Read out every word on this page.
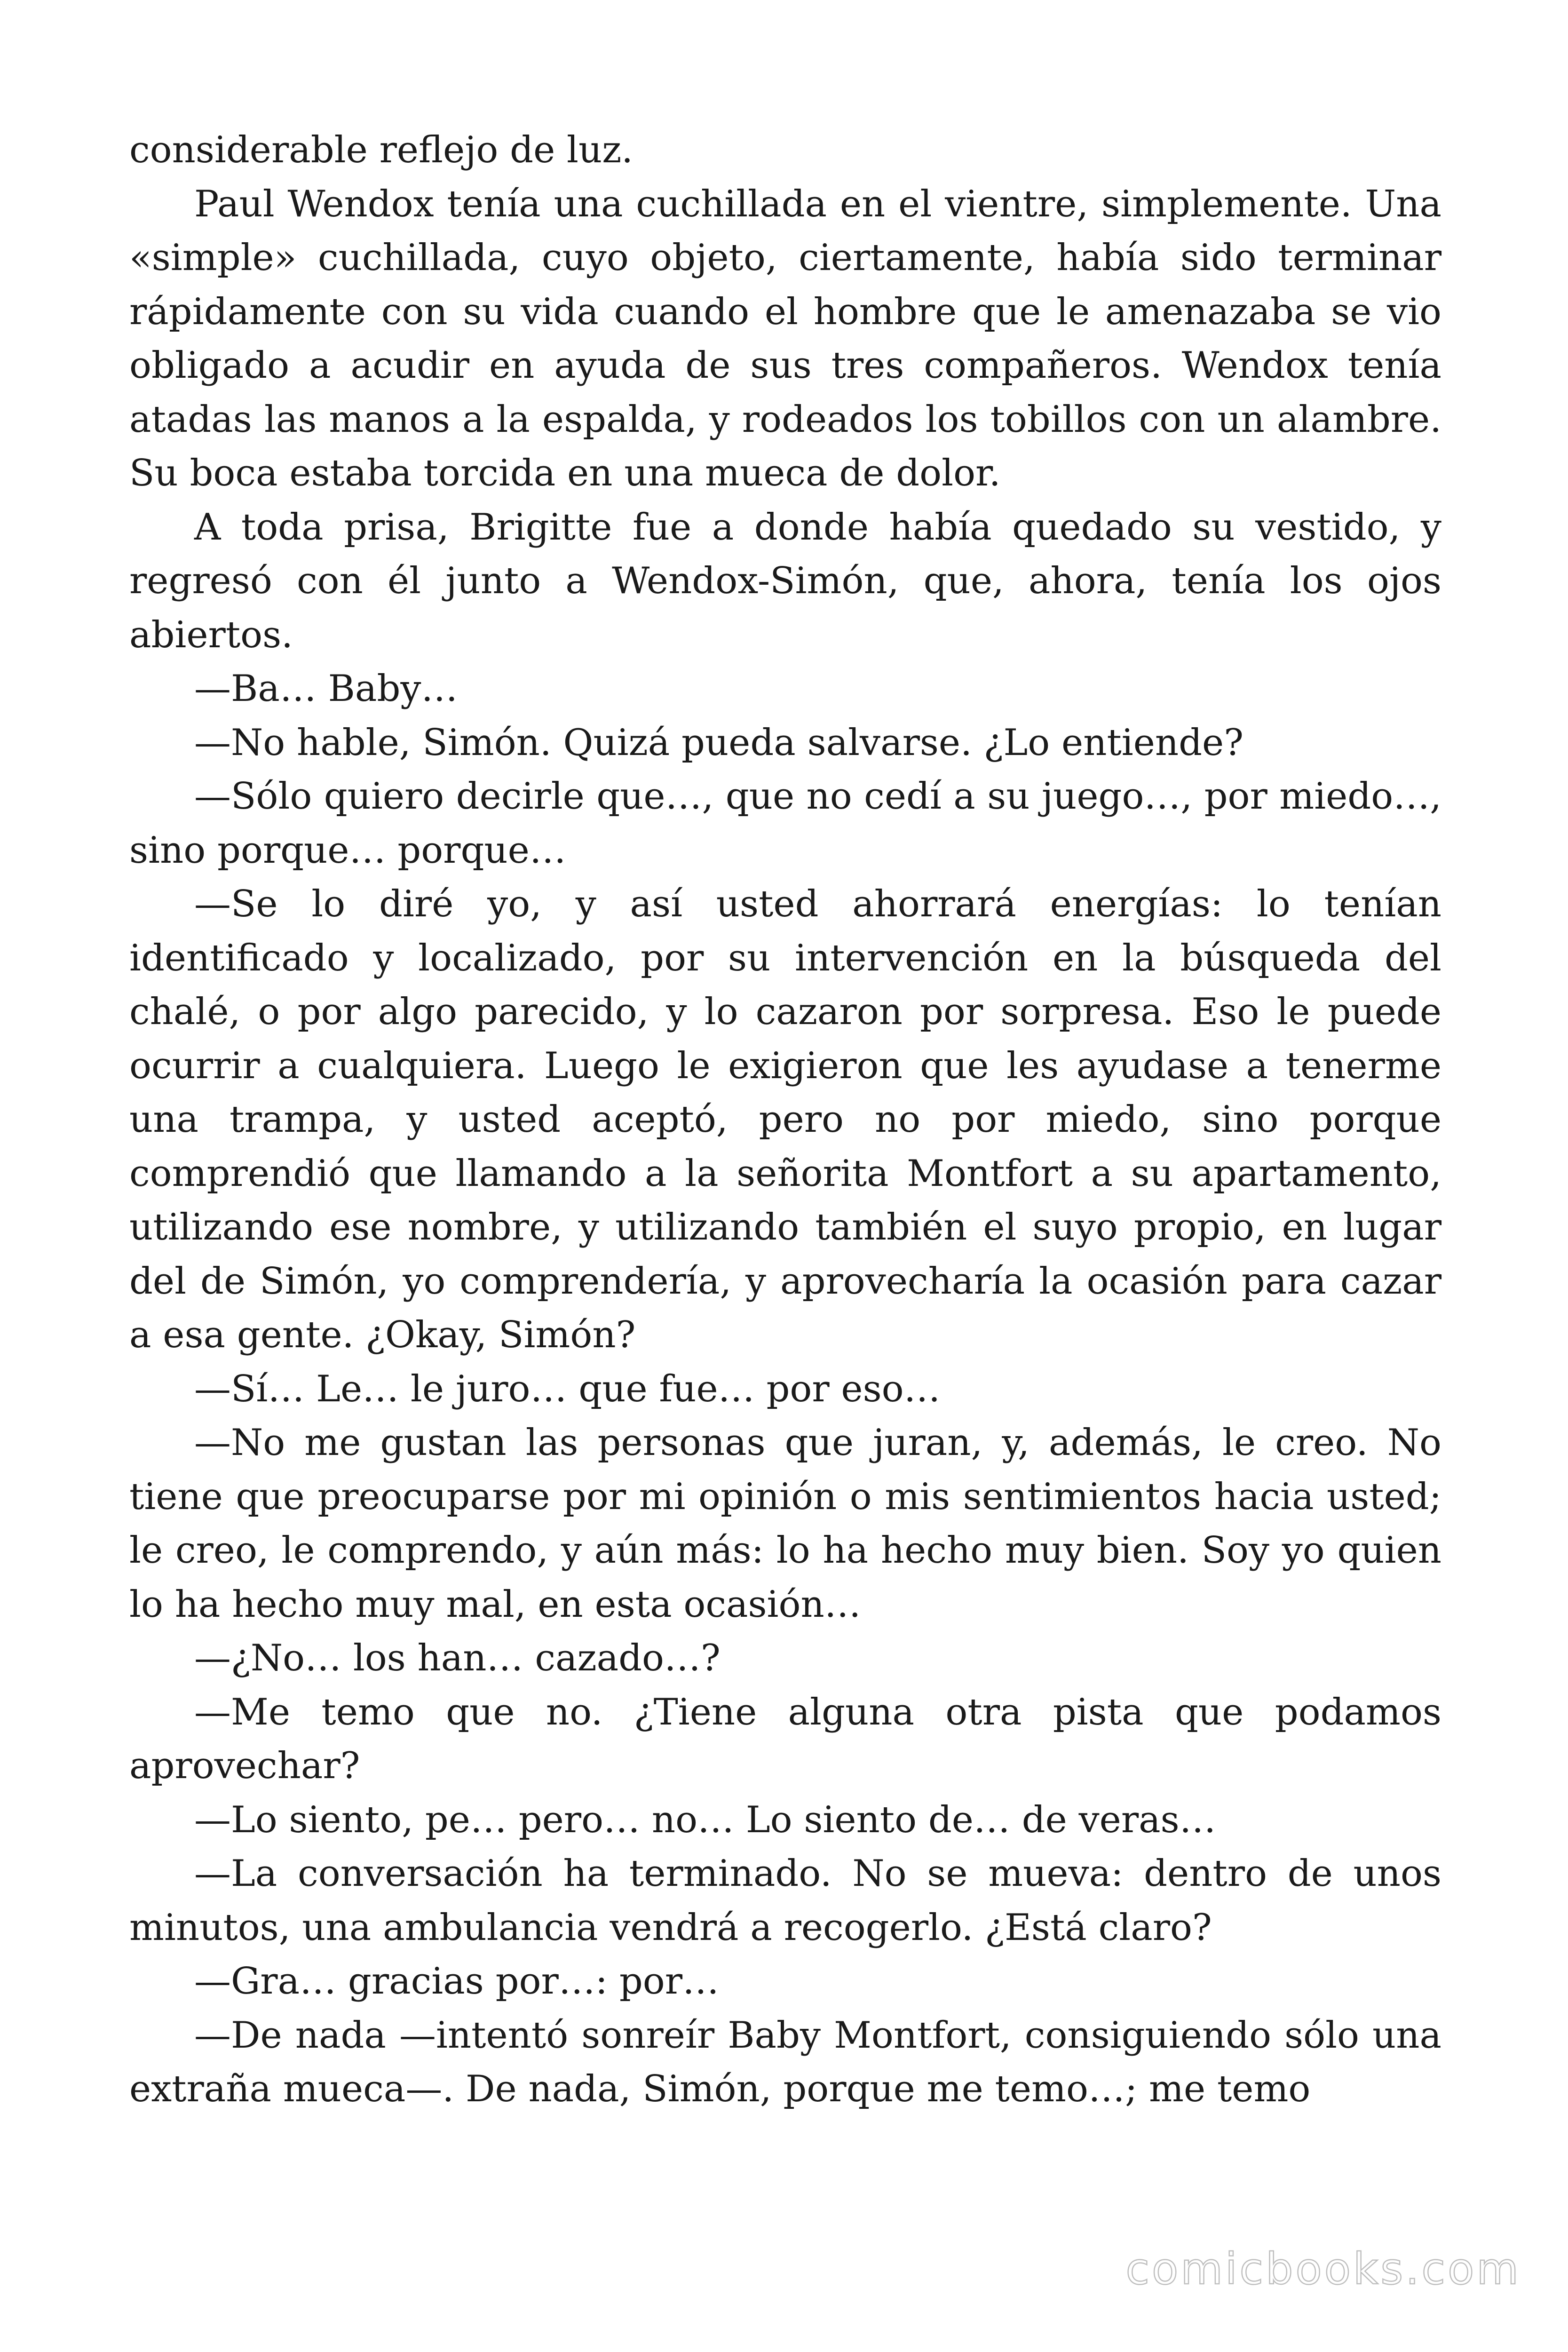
considerable reflejo de luz.

Paul Wendox tenía una cuchillada en el vientre, simplemente. Una «simple» cuchillada, cuyo objeto, ciertamente, había sido terminar rápidamente con su vida cuando el hombre que le amenazaba se vio obligado a acudir en ayuda de sus tres compañeros. Wendox tenía atadas las manos a la espalda, y rodeados los tobillos con un alambre. Su boca estaba torcida en una mueca de dolor.

A toda prisa, Brigitte fue a donde había quedado su vestido, y regresó con él junto a Wendox-Simón, que, ahora, tenía los ojos abiertos.

—Ba… Baby…

—No hable, Simón. Quizá pueda salvarse. ¿Lo entiende?

—Sólo quiero decirle que…, que no cedí a su juego…, por miedo…, sino porque… porque…

—Se lo diré yo, y así usted ahorrará energías: lo tenían identificado y localizado, por su intervención en la búsqueda del chalé, o por algo parecido, y lo cazaron por sorpresa. Eso le puede ocurrir a cualquiera. Luego le exigieron que les ayudase a tenerme una trampa, y usted aceptó, pero no por miedo, sino porque comprendió que llamando a la señorita Montfort a su apartamento, utilizando ese nombre, y utilizando también el suyo propio, en lugar del de Simón, yo comprendería, y aprovecharía la ocasión para cazar a esa gente. ¿Okay, Simón?

—Sí… Le… le juro… que fue… por eso…

—No me gustan las personas que juran, y, además, le creo. No tiene que preocuparse por mi opinión o mis sentimientos hacia usted; le creo, le comprendo, y aún más: lo ha hecho muy bien. Soy yo quien lo ha hecho muy mal, en esta ocasión…

—¿No… los han… cazado…?

—Me temo que no. ¿Tiene alguna otra pista que podamos aprovechar?

—Lo siento, pe… pero… no… Lo siento de… de veras…

—La conversación ha terminado. No se mueva: dentro de unos minutos, una ambulancia vendrá a recogerlo. ¿Está claro?

—Gra… gracias por…: por…

—De nada —intentó sonreír Baby Montfort, consiguiendo sólo una extraña mueca—. De nada, Simón, porque me temo…; me temo

comicbooks.com
